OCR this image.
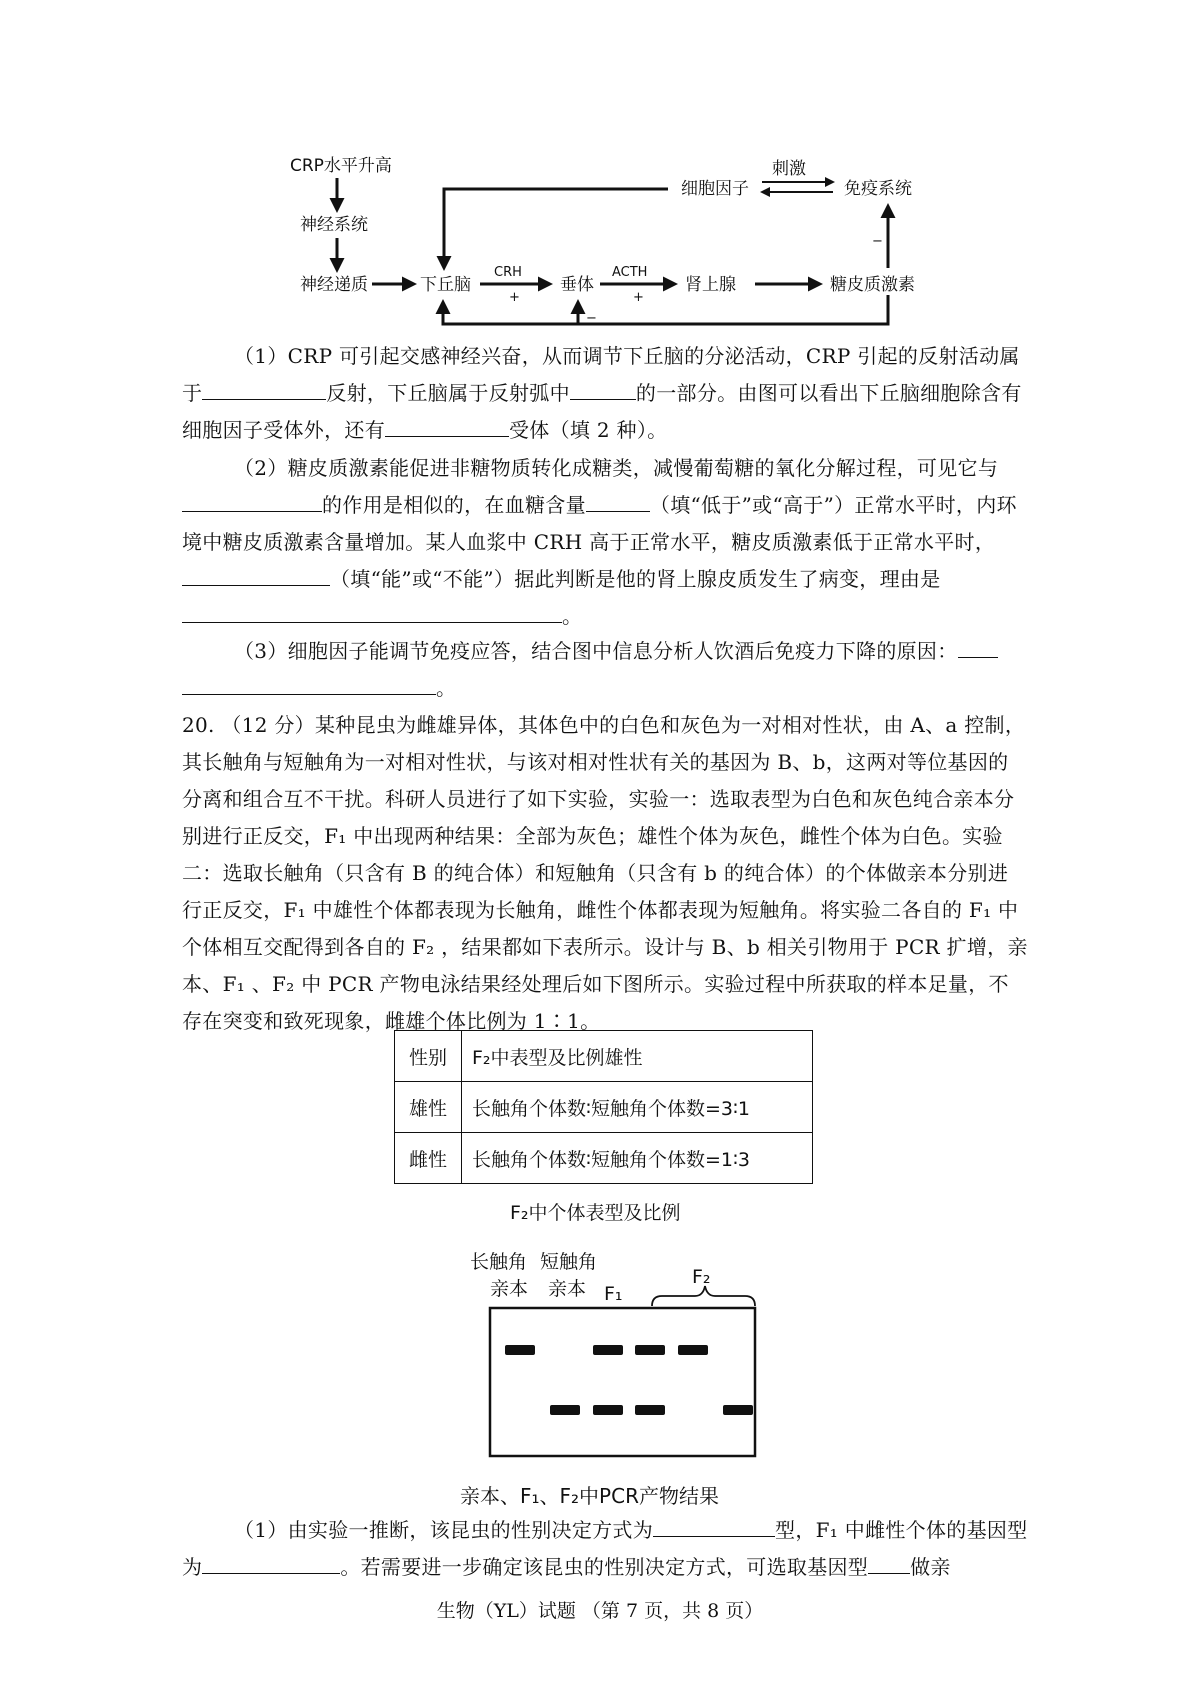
CRP水平升高
神经系统
神经递质	下丘脑	垂体	肾上腺	糖皮质激素
细胞因子	免疫系统
CRH
+
ACTH
+
−
−
刺激

（1）CRP 可引起交感神经兴奋，从而调节下丘脑的分泌活动，CRP 引起的反射活动属于	反射，下丘脑属于反射弧中	的一部分。由图可以看出下丘脑细胞除含有细胞因子受体外，还有	受体（填 2 种）。

（2）糖皮质激素能促进非糖物质转化成糖类，减慢葡萄糖的氧化分解过程，可见它与的作用是相似的，在血糖含量	（填“低于”或“高于”）正常水平时，内环境中糖皮质激素含量增加。某人血浆中 CRH 高于正常水平，糖皮质激素低于正常水平时，（填“能”或“不能”）据此判断是他的肾上腺皮质发生了病变，理由是。

（3）细胞因子能调节免疫应答，结合图中信息分析人饮酒后免疫力下降的原因：。

20. （12 分）某种昆虫为雌雄异体，其体色中的白色和灰色为一对相对性状，由 A、a 控制，其长触角与短触角为一对相对性状，与该对相对性状有关的基因为 B、b，这两对等位基因的分离和组合互不干扰。科研人员进行了如下实验，实验一：选取表型为白色和灰色纯合亲本分别进行正反交，F₁ 中出现两种结果：全部为灰色；雄性个体为灰色，雌性个体为白色。实验二：选取长触角（只含有 B 的纯合体）和短触角（只含有 b 的纯合体）的个体做亲本分别进行正反交，F₁ 中雄性个体都表现为长触角，雌性个体都表现为短触角。将实验二各自的 F₁ 中个体相互交配得到各自的 F₂ ，结果都如下表所示。设计与 B、b 相关引物用于 PCR 扩增，亲本、F₁ 、F₂ 中 PCR 产物电泳结果经处理后如下图所示。实验过程中所获取的样本足量，不存在突变和致死现象，雌雄个体比例为 1∶1。

性别	F₂中表型及比例雄性
雄性	长触角个体数∶短触角个体数=3∶1
雌性	长触角个体数∶短触角个体数=1∶3
F₂中个体表型及比例
长触角
亲本
短触角
亲本 F₁
F₂
亲本、F₁、F₂中PCR产物结果

（1）由实验一推断，该昆虫的性别决定方式为	型，F₁ 中雌性个体的基因型为	。若需要进一步确定该昆虫的性别决定方式，可选取基因型 做亲

生物（YL）试题 （第 7 页，共 8 页）
